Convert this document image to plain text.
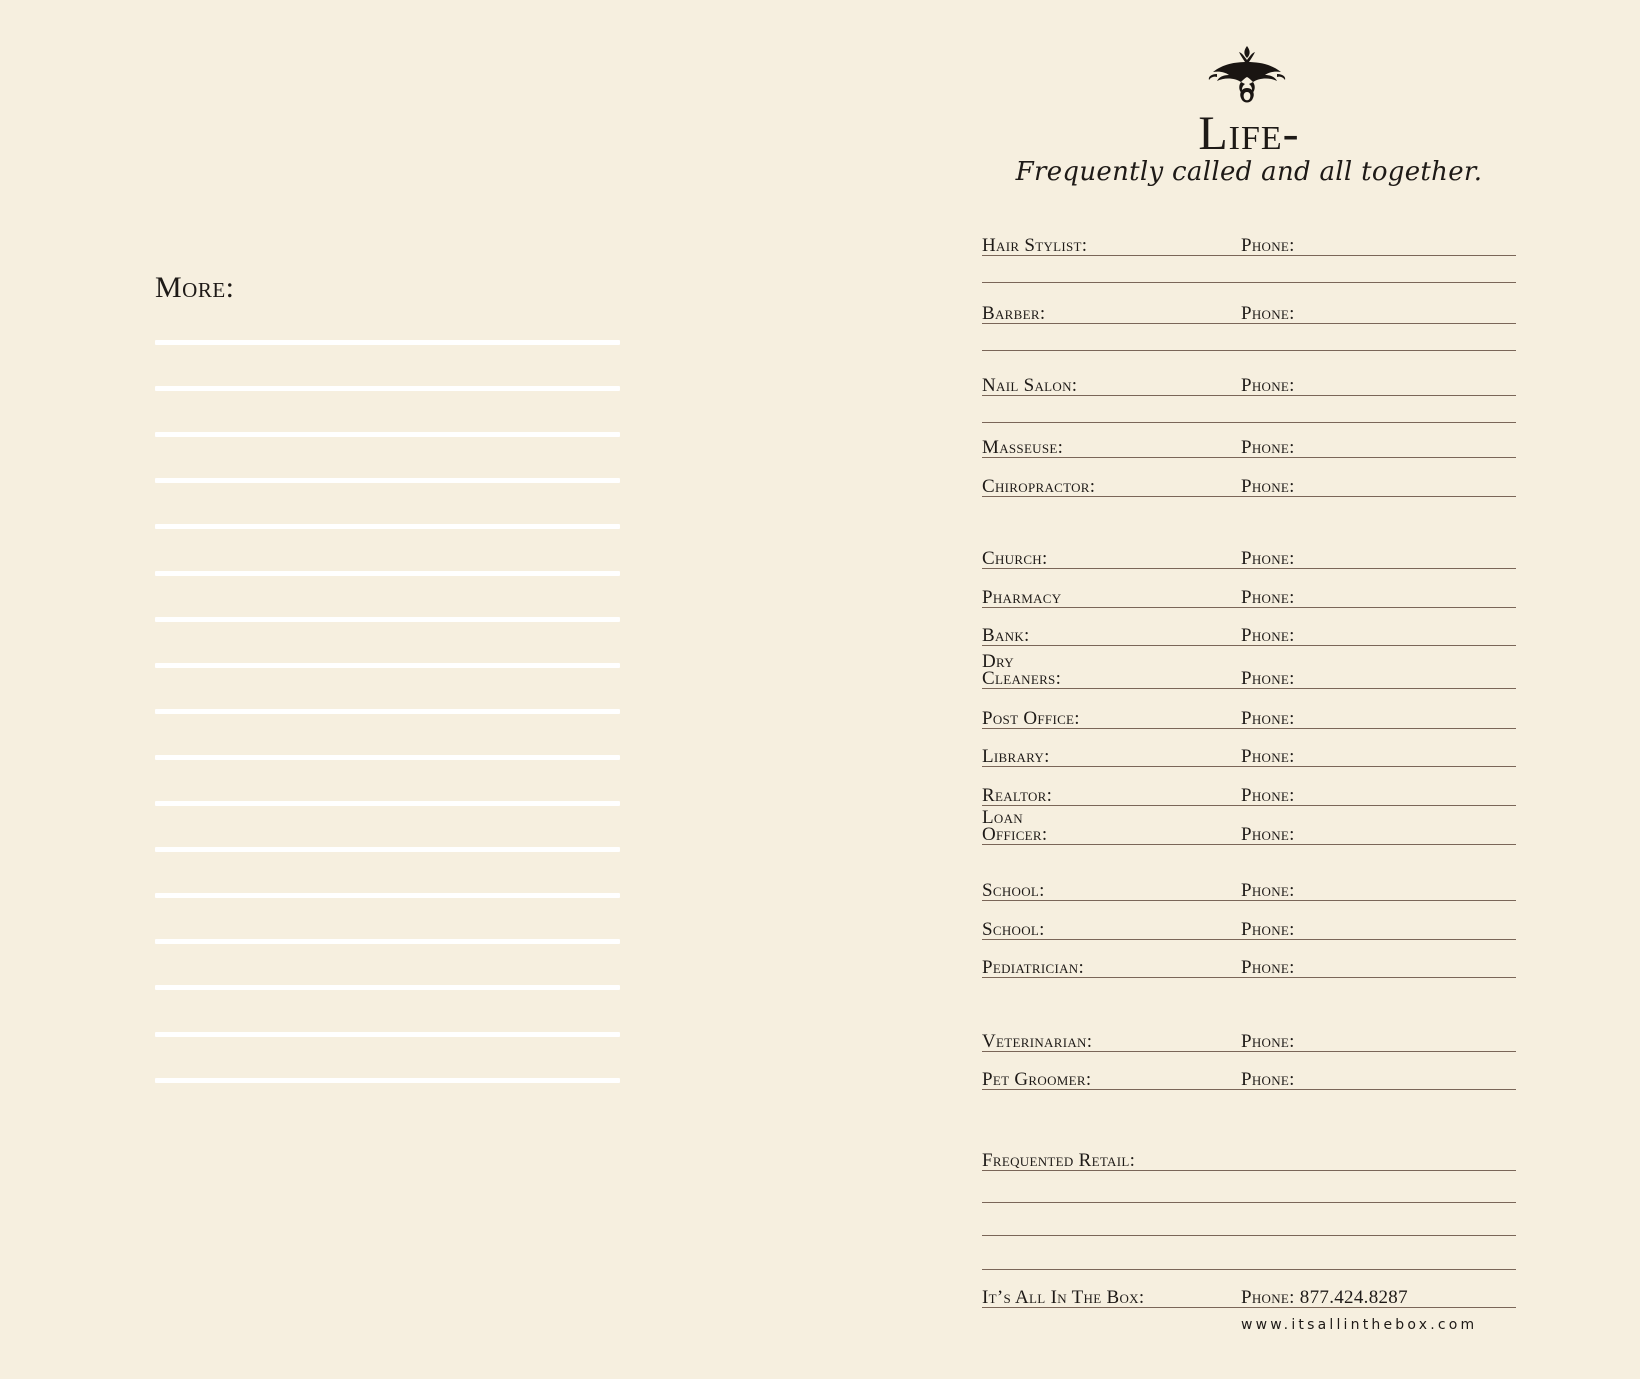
More:
Life-
Frequently called and all together.
Hair Stylist:	Phone:
Barber:	Phone:
Nail Salon:	Phone:
Masseuse:	Phone:
Chiropractor:	Phone:
Church:	Phone:
Pharmacy	Phone:
Bank:	Phone:
Dry
Cleaners:	Phone:
Post Office:	Phone:
Library:	Phone:
Realtor:	Phone:
Loan
Officer:	Phone:
School:	Phone:
School:	Phone:
Pediatrician:	Phone:
Veterinarian:	Phone:
Pet Groomer:	Phone:
Frequented Retail:
It’s All In The Box:	Phone: 877.424.8287
www.itsallinthebox.com
